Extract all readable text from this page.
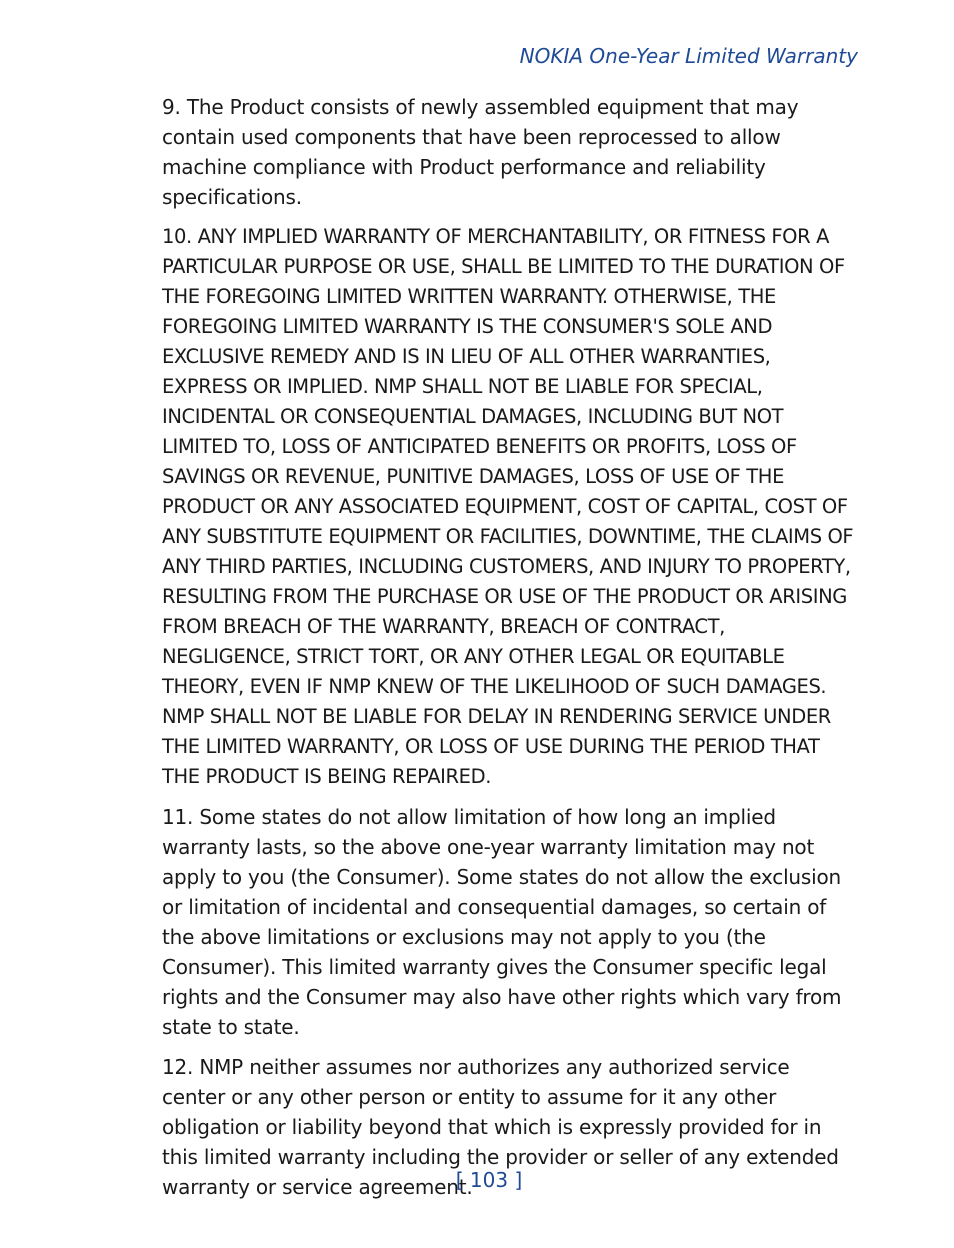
NOKIA One-Year Limited Warranty

9. The Product consists of newly assembled equipment that may contain used components that have been reprocessed to allow machine compliance with Product performance and reliability specifications.

10. ANY IMPLIED WARRANTY OF MERCHANTABILITY, OR FITNESS FOR A PARTICULAR PURPOSE OR USE, SHALL BE LIMITED TO THE DURATION OF THE FOREGOING LIMITED WRITTEN WARRANTY. OTHERWISE, THE FOREGOING LIMITED WARRANTY IS THE CONSUMER'S SOLE AND EXCLUSIVE REMEDY AND IS IN LIEU OF ALL OTHER WARRANTIES, EXPRESS OR IMPLIED. NMP SHALL NOT BE LIABLE FOR SPECIAL, INCIDENTAL OR CONSEQUENTIAL DAMAGES, INCLUDING BUT NOT LIMITED TO, LOSS OF ANTICIPATED BENEFITS OR PROFITS, LOSS OF SAVINGS OR REVENUE, PUNITIVE DAMAGES, LOSS OF USE OF THE PRODUCT OR ANY ASSOCIATED EQUIPMENT, COST OF CAPITAL, COST OF ANY SUBSTITUTE EQUIPMENT OR FACILITIES, DOWNTIME, THE CLAIMS OF ANY THIRD PARTIES, INCLUDING CUSTOMERS, AND INJURY TO PROPERTY, RESULTING FROM THE PURCHASE OR USE OF THE PRODUCT OR ARISING FROM BREACH OF THE WARRANTY, BREACH OF CONTRACT, NEGLIGENCE, STRICT TORT, OR ANY OTHER LEGAL OR EQUITABLE THEORY, EVEN IF NMP KNEW OF THE LIKELIHOOD OF SUCH DAMAGES. NMP SHALL NOT BE LIABLE FOR DELAY IN RENDERING SERVICE UNDER THE LIMITED WARRANTY, OR LOSS OF USE DURING THE PERIOD THAT THE PRODUCT IS BEING REPAIRED.

11. Some states do not allow limitation of how long an implied warranty lasts, so the above one-year warranty limitation may not apply to you (the Consumer). Some states do not allow the exclusion or limitation of incidental and consequential damages, so certain of the above limitations or exclusions may not apply to you (the Consumer). This limited warranty gives the Consumer specific legal rights and the Consumer may also have other rights which vary from state to state.

12. NMP neither assumes nor authorizes any authorized service center or any other person or entity to assume for it any other obligation or liability beyond that which is expressly provided for in this limited warranty including the provider or seller of any extended warranty or service agreement.

[ 103 ]
